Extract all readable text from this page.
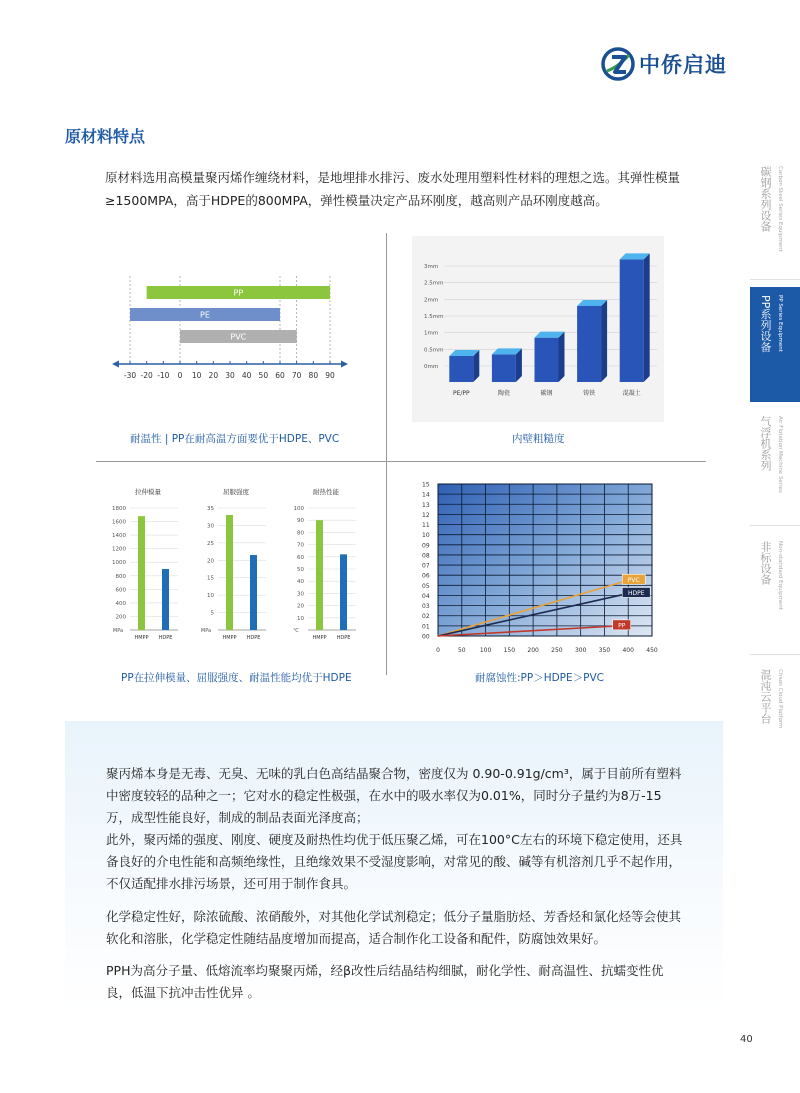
中侨启迪
原材料特点
原材料选用高模量聚丙烯作缠绕材料，是地埋排水排污、废水处理用塑料性材料的理想之选。其弹性模量≥1500MPA，高于HDPE的800MPA，弹性模量决定产品环刚度，越高则产品环刚度越高。	碳钢系列设备 Carbon Steel Series Equipment
PP系列设备 PP Series Equipment
气浮机系列 Air Flotation Machine Series
非标设备 Non-standard Equipment
混沌云平台 Chaos Cloud Platform
PP
PE
PVC
-30 -20 -10 0 10 20 30 40 50 60 70 80 90
0mm
0.5mm
1mm
1.5mm
2mm
2.5mm
3mm
PE/PP	陶瓷	碳钢	铸铁	混凝土
拉伸模量
1800
1600
1400
1200
1000
800
600
400
200
MPa
HMPP HDPE
屈服强度
35
30
25
20
15
10
5
MPa
HMPP HDPE
耐热性能
100
90
80
70
60
50
40
30
20
10
℃
HMPP HDPE
15
14
13
12
11
10
09
08
07
06
05
04
03
02
01
00
0	50 100 150 200 250 300 350 400 450
PVC
HDPE
PP
耐温性 | PP在耐高温方面要优于HDPE、PVC	内壁粗糙度
PP在拉伸模量、屈服强度、耐温性能均优于HDPE	耐腐蚀性:PP＞HDPE＞PVC
聚丙烯本身是无毒、无臭、无味的乳白色高结晶聚合物，密度仅为 0.90-0.91g/cm³，属于目前所有塑料中密度较轻的品种之一；它对水的稳定性极强，在水中的吸水率仅为0.01%，同时分子量约为8万-15万，成型性能良好，制成的制品表面光泽度高；
此外，聚丙烯的强度、刚度、硬度及耐热性均优于低压聚乙烯，可在100°C左右的环境下稳定使用，还具备良好的介电性能和高频绝缘性，且绝缘效果不受湿度影响，对常见的酸、碱等有机溶剂几乎不起作用，不仅适配排水排污场景，还可用于制作食具。
化学稳定性好，除浓硫酸、浓硝酸外，对其他化学试剂稳定；低分子量脂肪烃、芳香烃和氯化烃等会使其软化和溶胀，化学稳定性随结晶度增加而提高，适合制作化工设备和配件，防腐蚀效果好。
PPH为高分子量、低熔流率均聚聚丙烯，经β改性后结晶结构细腻，耐化学性、耐高温性、抗蠕变性优良，低温下抗冲击性优异 。
40
